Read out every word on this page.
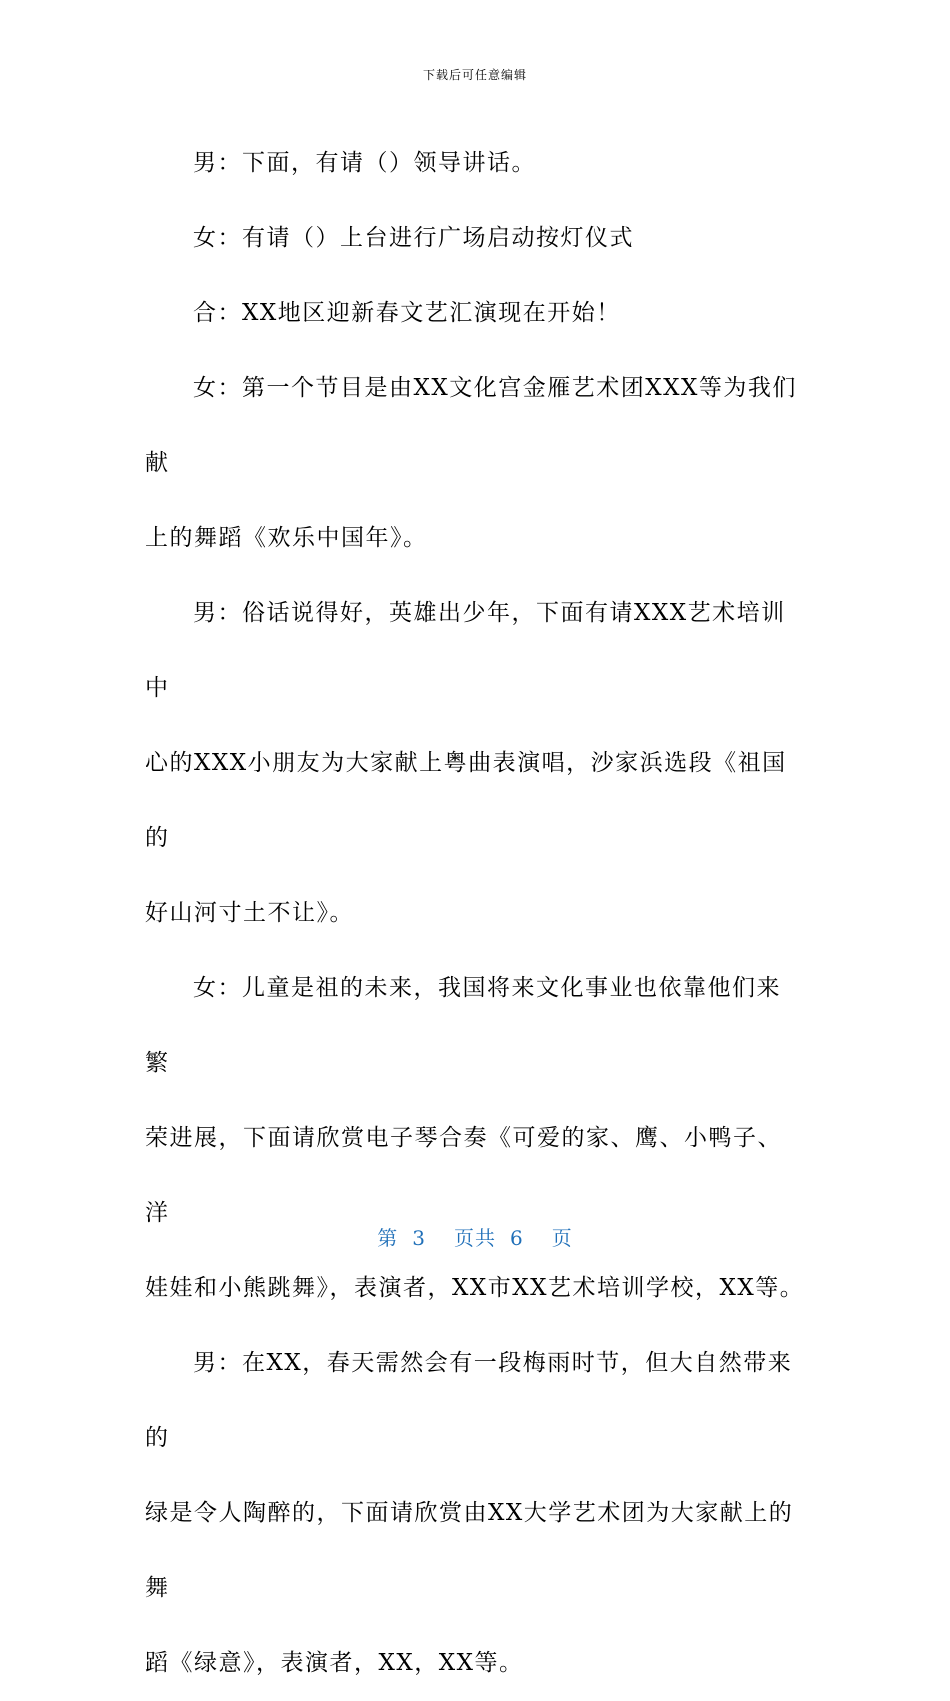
下载后可任意编辑

男：下面，有请（）领导讲话。

女：有请（）上台进行广场启动按灯仪式

合：XX地区迎新春文艺汇演现在开始！

女：第一个节目是由XX文化宫金雁艺术团XXX等为我们献
上的舞蹈《欢乐中国年》。

男：俗话说得好，英雄出少年，下面有请XXX艺术培训中
心的XXX小朋友为大家献上粤曲表演唱，沙家浜选段《祖国的
好山河寸土不让》。

女：儿童是祖的未来，我国将来文化事业也依靠他们来繁
荣进展，下面请欣赏电子琴合奏《可爱的家、鹰、小鸭子、洋
娃娃和小熊跳舞》，表演者，XX市XX艺术培训学校，XX等。

男：在XX，春天需然会有一段梅雨时节，但大自然带来的
绿是令人陶醉的，下面请欣赏由XX大学艺术团为大家献上的舞
蹈《绿意》，表演者，XX，XX等。

第 3 页共 6 页
